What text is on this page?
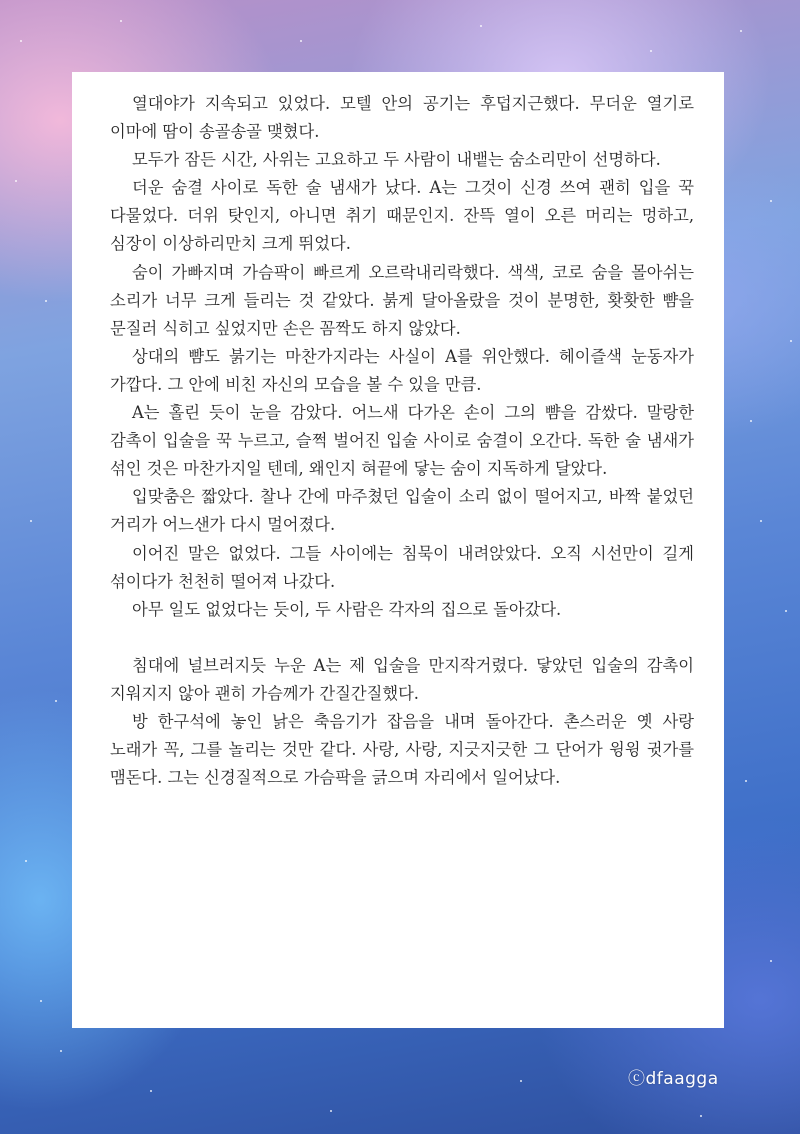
열대야가 지속되고 있었다. 모텔 안의 공기는 후덥지근했다. 무더운 열기로 이마에 땀이 송골송골 맺혔다.

모두가 잠든 시간, 사위는 고요하고 두 사람이 내뱉는 숨소리만이 선명하다.

더운 숨결 사이로 독한 술 냄새가 났다. A는 그것이 신경 쓰여 괜히 입을 꾹 다물었다. 더위 탓인지, 아니면 취기 때문인지. 잔뜩 열이 오른 머리는 멍하고, 심장이 이상하리만치 크게 뛰었다.

숨이 가빠지며 가슴팍이 빠르게 오르락내리락했다. 색색, 코로 숨을 몰아쉬는 소리가 너무 크게 들리는 것 같았다. 붉게 달아올랐을 것이 분명한, 홧홧한 뺨을 문질러 식히고 싶었지만 손은 꼼짝도 하지 않았다.

상대의 뺨도 붉기는 마찬가지라는 사실이 A를 위안했다. 헤이즐색 눈동자가 가깝다. 그 안에 비친 자신의 모습을 볼 수 있을 만큼.

A는 홀린 듯이 눈을 감았다. 어느새 다가온 손이 그의 뺨을 감쌌다. 말랑한 감촉이 입술을 꾹 누르고, 슬쩍 벌어진 입술 사이로 숨결이 오간다. 독한 술 냄새가 섞인 것은 마찬가지일 텐데, 왜인지 혀끝에 닿는 숨이 지독하게 달았다.

입맞춤은 짧았다. 찰나 간에 마주쳤던 입술이 소리 없이 떨어지고, 바짝 붙었던 거리가 어느샌가 다시 멀어졌다.

이어진 말은 없었다. 그들 사이에는 침묵이 내려앉았다. 오직 시선만이 길게 섞이다가 천천히 떨어져 나갔다.

아무 일도 없었다는 듯이, 두 사람은 각자의 집으로 돌아갔다.

침대에 널브러지듯 누운 A는 제 입술을 만지작거렸다. 닿았던 입술의 감촉이 지워지지 않아 괜히 가슴께가 간질간질했다.

방 한구석에 놓인 낡은 축음기가 잡음을 내며 돌아간다. 촌스러운 옛 사랑 노래가 꼭, 그를 놀리는 것만 같다. 사랑, 사랑, 지긋지긋한 그 단어가 윙윙 귓가를 맴돈다. 그는 신경질적으로 가슴팍을 긁으며 자리에서 일어났다.

ⓒdfaagga
